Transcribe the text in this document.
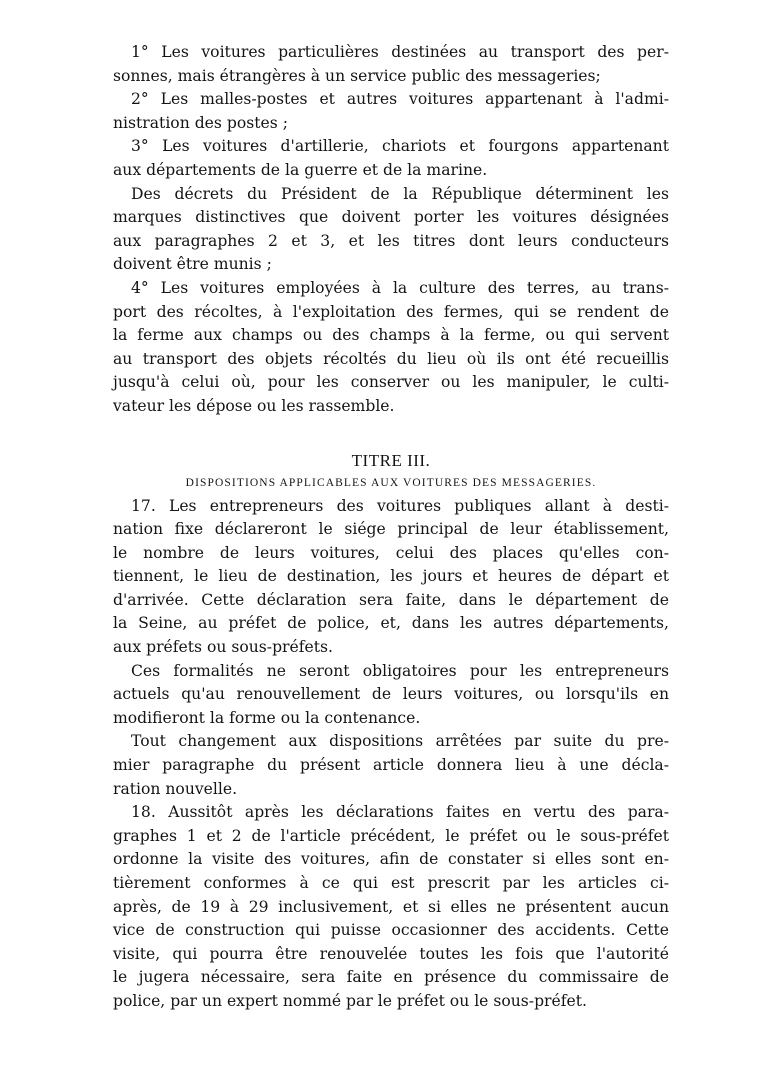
1° Les voitures particulières destinées au transport des per-
sonnes, mais étrangères à un service public des messageries;
2° Les malles-postes et autres voitures appartenant à l'admi-
nistration des postes ;
3° Les voitures d'artillerie, chariots et fourgons appartenant
aux départements de la guerre et de la marine.
Des décrets du Président de la République déterminent les
marques distinctives que doivent porter les voitures désignées
aux paragraphes 2 et 3, et les titres dont leurs conducteurs
doivent être munis ;
4° Les voitures employées à la culture des terres, au trans-
port des récoltes, à l'exploitation des fermes, qui se rendent de
la ferme aux champs ou des champs à la ferme, ou qui servent
au transport des objets récoltés du lieu où ils ont été recueillis
jusqu'à celui où, pour les conserver ou les manipuler, le culti-
vateur les dépose ou les rassemble.
TITRE III.
DISPOSITIONS APPLICABLES AUX VOITURES DES MESSAGERIES.
17. Les entrepreneurs des voitures publiques allant à desti-
nation fixe déclareront le siége principal de leur établissement,
le nombre de leurs voitures, celui des places qu'elles con-
tiennent, le lieu de destination, les jours et heures de départ et
d'arrivée. Cette déclaration sera faite, dans le département de
la Seine, au préfet de police, et, dans les autres départements,
aux préfets ou sous-préfets.
Ces formalités ne seront obligatoires pour les entrepreneurs
actuels qu'au renouvellement de leurs voitures, ou lorsqu'ils en
modifieront la forme ou la contenance.
Tout changement aux dispositions arrêtées par suite du pre-
mier paragraphe du présent article donnera lieu à une décla-
ration nouvelle.
18. Aussitôt après les déclarations faites en vertu des para-
graphes 1 et 2 de l'article précédent, le préfet ou le sous-préfet
ordonne la visite des voitures, afin de constater si elles sont en-
tièrement conformes à ce qui est prescrit par les articles ci-
après, de 19 à 29 inclusivement, et si elles ne présentent aucun
vice de construction qui puisse occasionner des accidents. Cette
visite, qui pourra être renouvelée toutes les fois que l'autorité
le jugera nécessaire, sera faite en présence du commissaire de
police, par un expert nommé par le préfet ou le sous-préfet.
